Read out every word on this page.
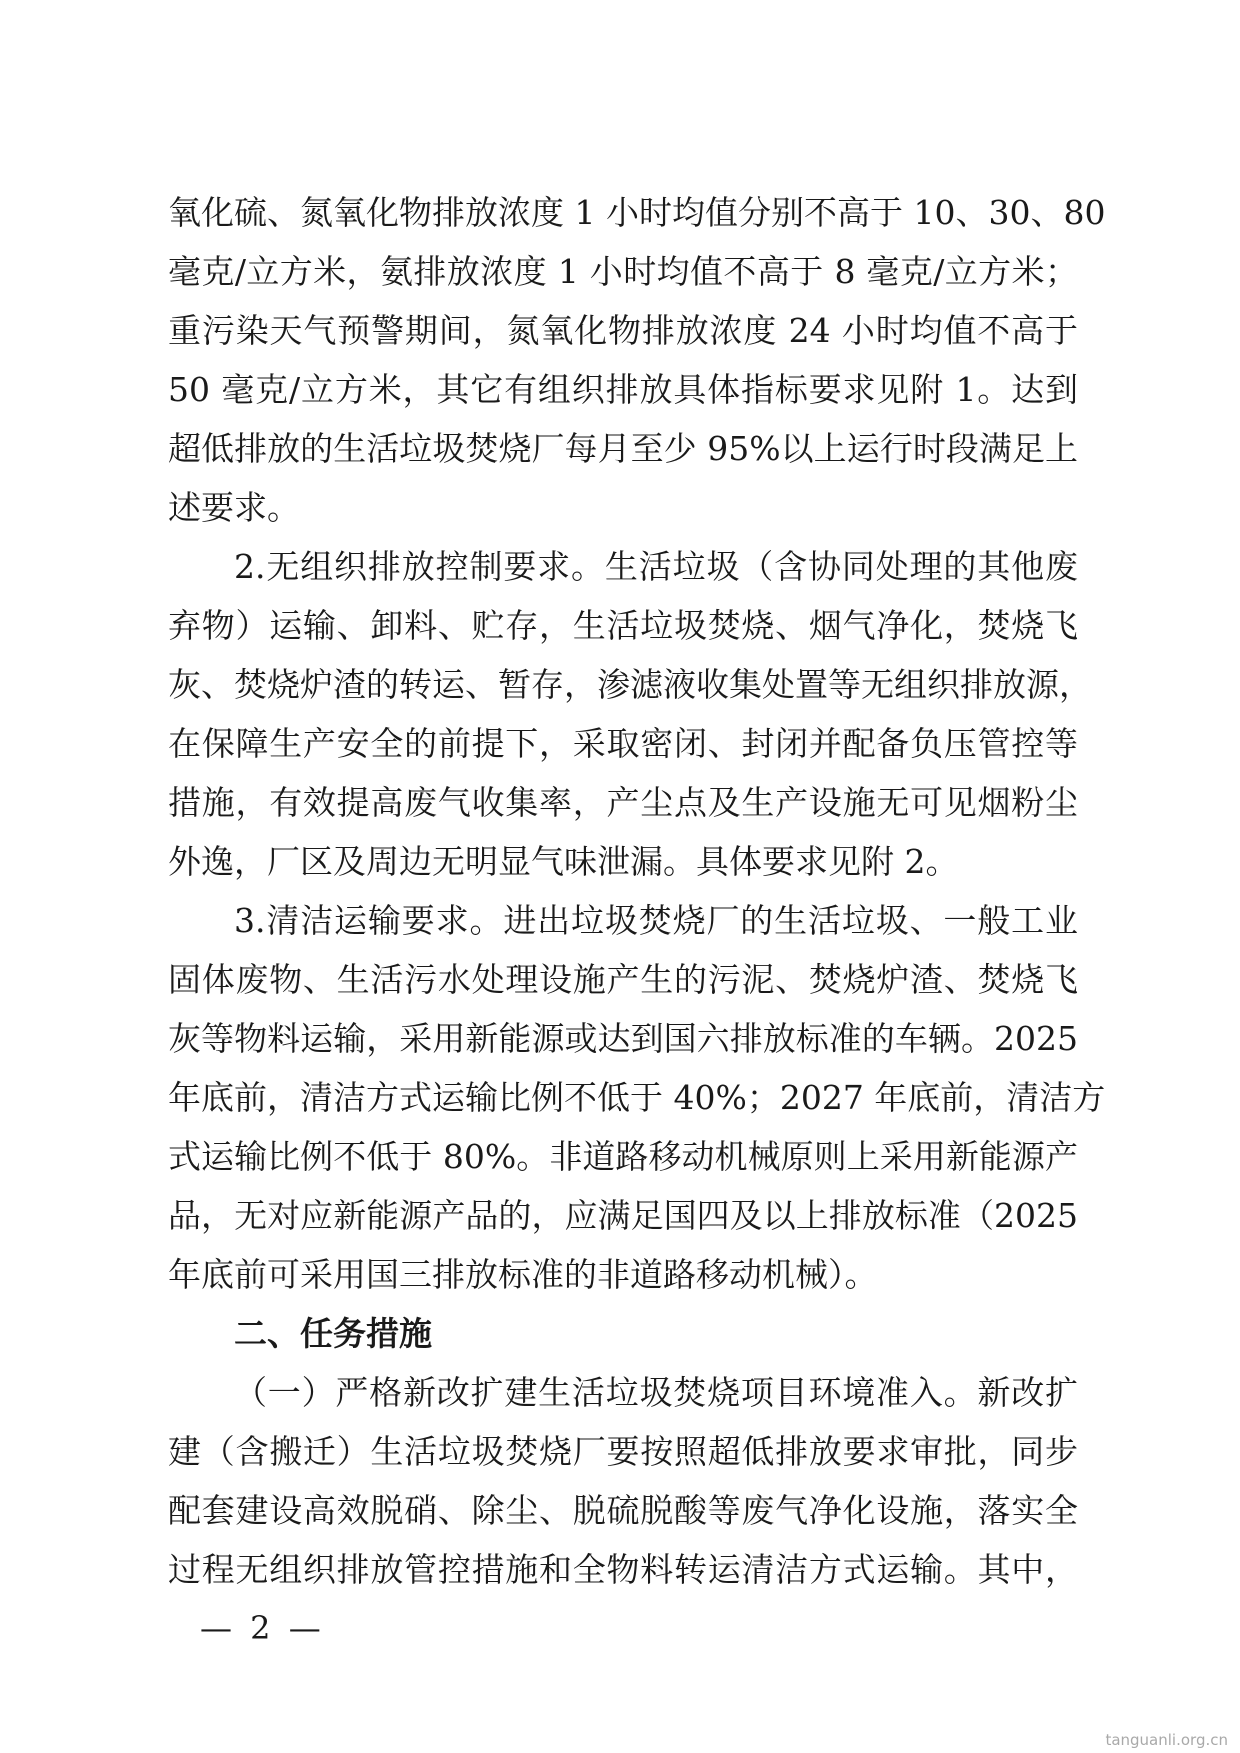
氧化硫、氮氧化物排放浓度 1 小时均值分别不高于 10、30、80
毫克/立方米，氨排放浓度 1 小时均值不高于 8 毫克/立方米；
重污染天气预警期间，氮氧化物排放浓度 24 小时均值不高于
50 毫克/立方米，其它有组织排放具体指标要求见附 1。达到
超低排放的生活垃圾焚烧厂每月至少 95%以上运行时段满足上
述要求。
2.无组织排放控制要求。生活垃圾（含协同处理的其他废
弃物）运输、卸料、贮存，生活垃圾焚烧、烟气净化，焚烧飞
灰、焚烧炉渣的转运、暂存，渗滤液收集处置等无组织排放源，
在保障生产安全的前提下，采取密闭、封闭并配备负压管控等
措施，有效提高废气收集率，产尘点及生产设施无可见烟粉尘
外逸，厂区及周边无明显气味泄漏。具体要求见附 2。
3.清洁运输要求。进出垃圾焚烧厂的生活垃圾、一般工业
固体废物、生活污水处理设施产生的污泥、焚烧炉渣、焚烧飞
灰等物料运输，采用新能源或达到国六排放标准的车辆。2025
年底前，清洁方式运输比例不低于 40%；2027 年底前，清洁方
式运输比例不低于 80%。非道路移动机械原则上采用新能源产
品，无对应新能源产品的，应满足国四及以上排放标准（2025
年底前可采用国三排放标准的非道路移动机械）。
二、任务措施
（一）严格新改扩建生活垃圾焚烧项目环境准入。新改扩
建（含搬迁）生活垃圾焚烧厂要按照超低排放要求审批，同步
配套建设高效脱硝、除尘、脱硫脱酸等废气净化设施，落实全
过程无组织排放管控措施和全物料转运清洁方式运输。其中，
— 2 —
tanguanli.org.cn
